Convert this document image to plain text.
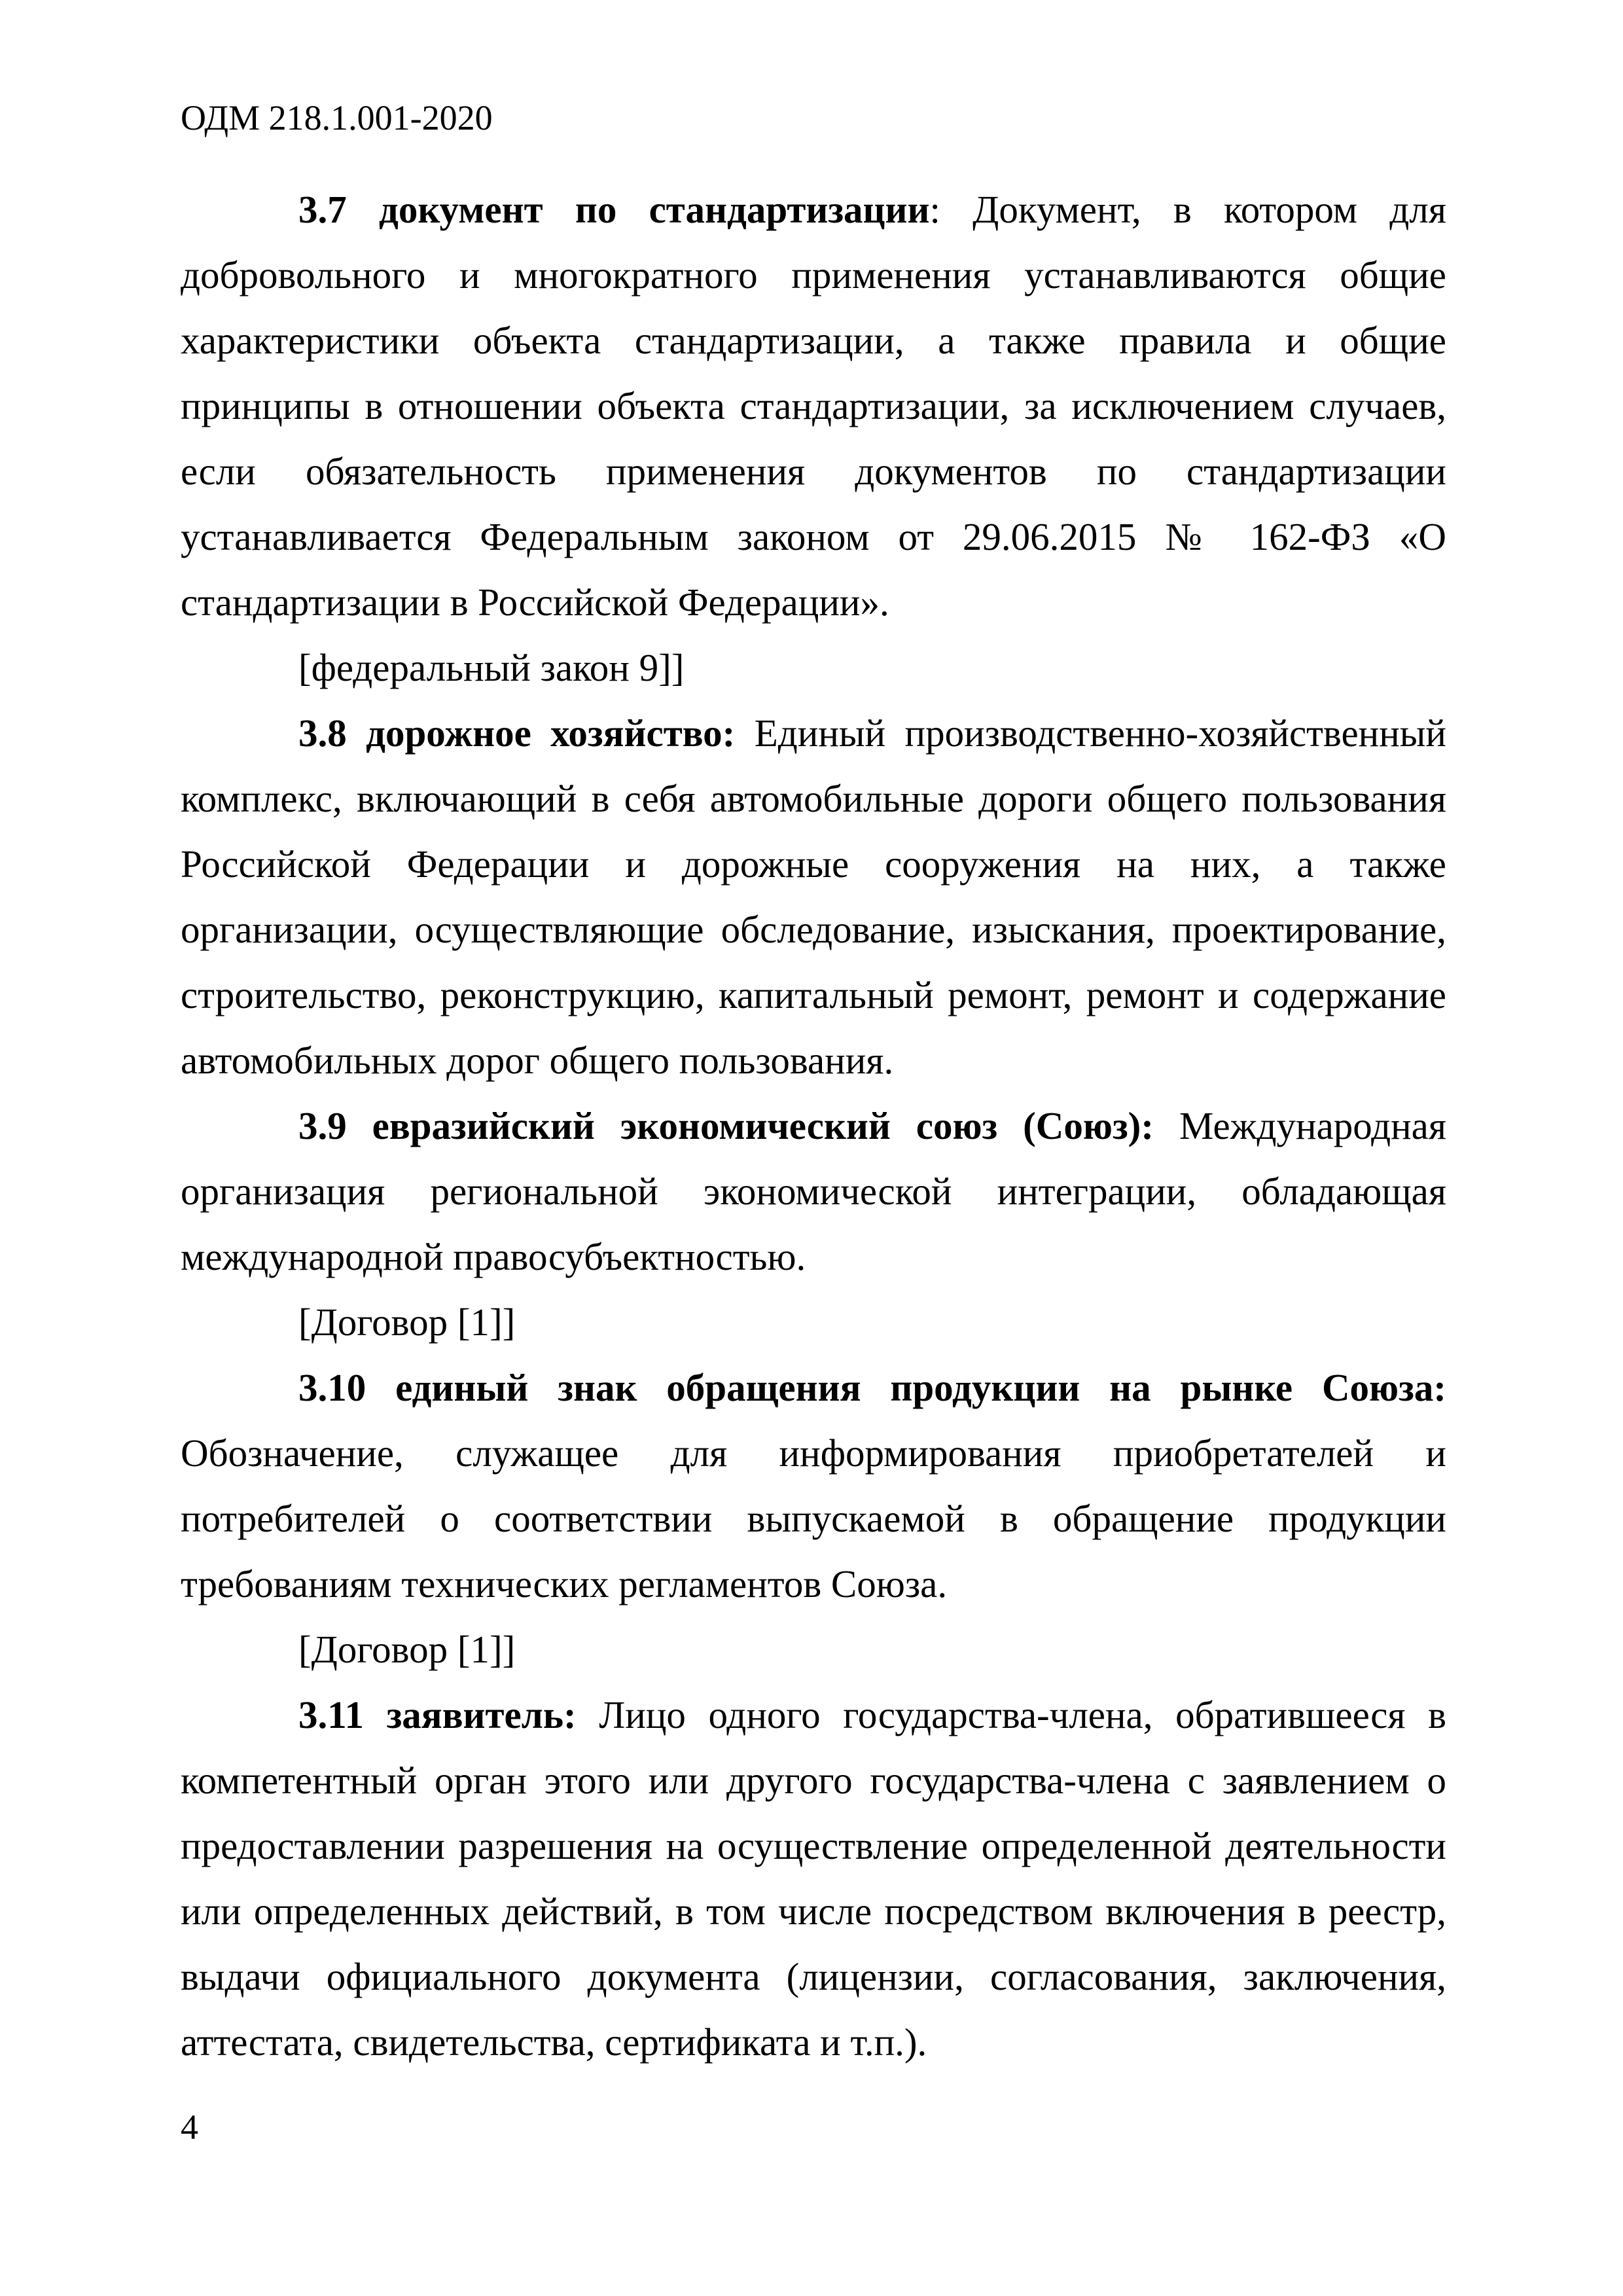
ОДМ 218.1.001-2020

3.7 документ по стандартизации: Документ, в котором для добровольного и многократного применения устанавливаются общие характеристики объекта стандартизации, а также правила и общие принципы в отношении объекта стандартизации, за исключением случаев, если обязательность применения документов по стандартизации устанавливается Федеральным законом от 29.06.2015 № 162-ФЗ «О стандартизации в Российской Федерации».

[федеральный закон 9]]

3.8 дорожное хозяйство: Единый производственно-хозяйственный комплекс, включающий в себя автомобильные дороги общего пользования Российской Федерации и дорожные сооружения на них, а также организации, осуществляющие обследование, изыскания, проектирование, строительство, реконструкцию, капитальный ремонт, ремонт и содержание автомобильных дорог общего пользования.

3.9 евразийский экономический союз (Союз): Международная организация региональной экономической интеграции, обладающая международной правосубъектностью.

[Договор [1]]

3.10 единый знак обращения продукции на рынке Союза: Обозначение, служащее для информирования приобретателей и потребителей о соответствии выпускаемой в обращение продукции требованиям технических регламентов Союза.

[Договор [1]]

3.11 заявитель: Лицо одного государства-члена, обратившееся в компетентный орган этого или другого государства-члена с заявлением о предоставлении разрешения на осуществление определенной деятельности или определенных действий, в том числе посредством включения в реестр, выдачи официального документа (лицензии, согласования, заключения, аттестата, свидетельства, сертификата и т.п.).

4
